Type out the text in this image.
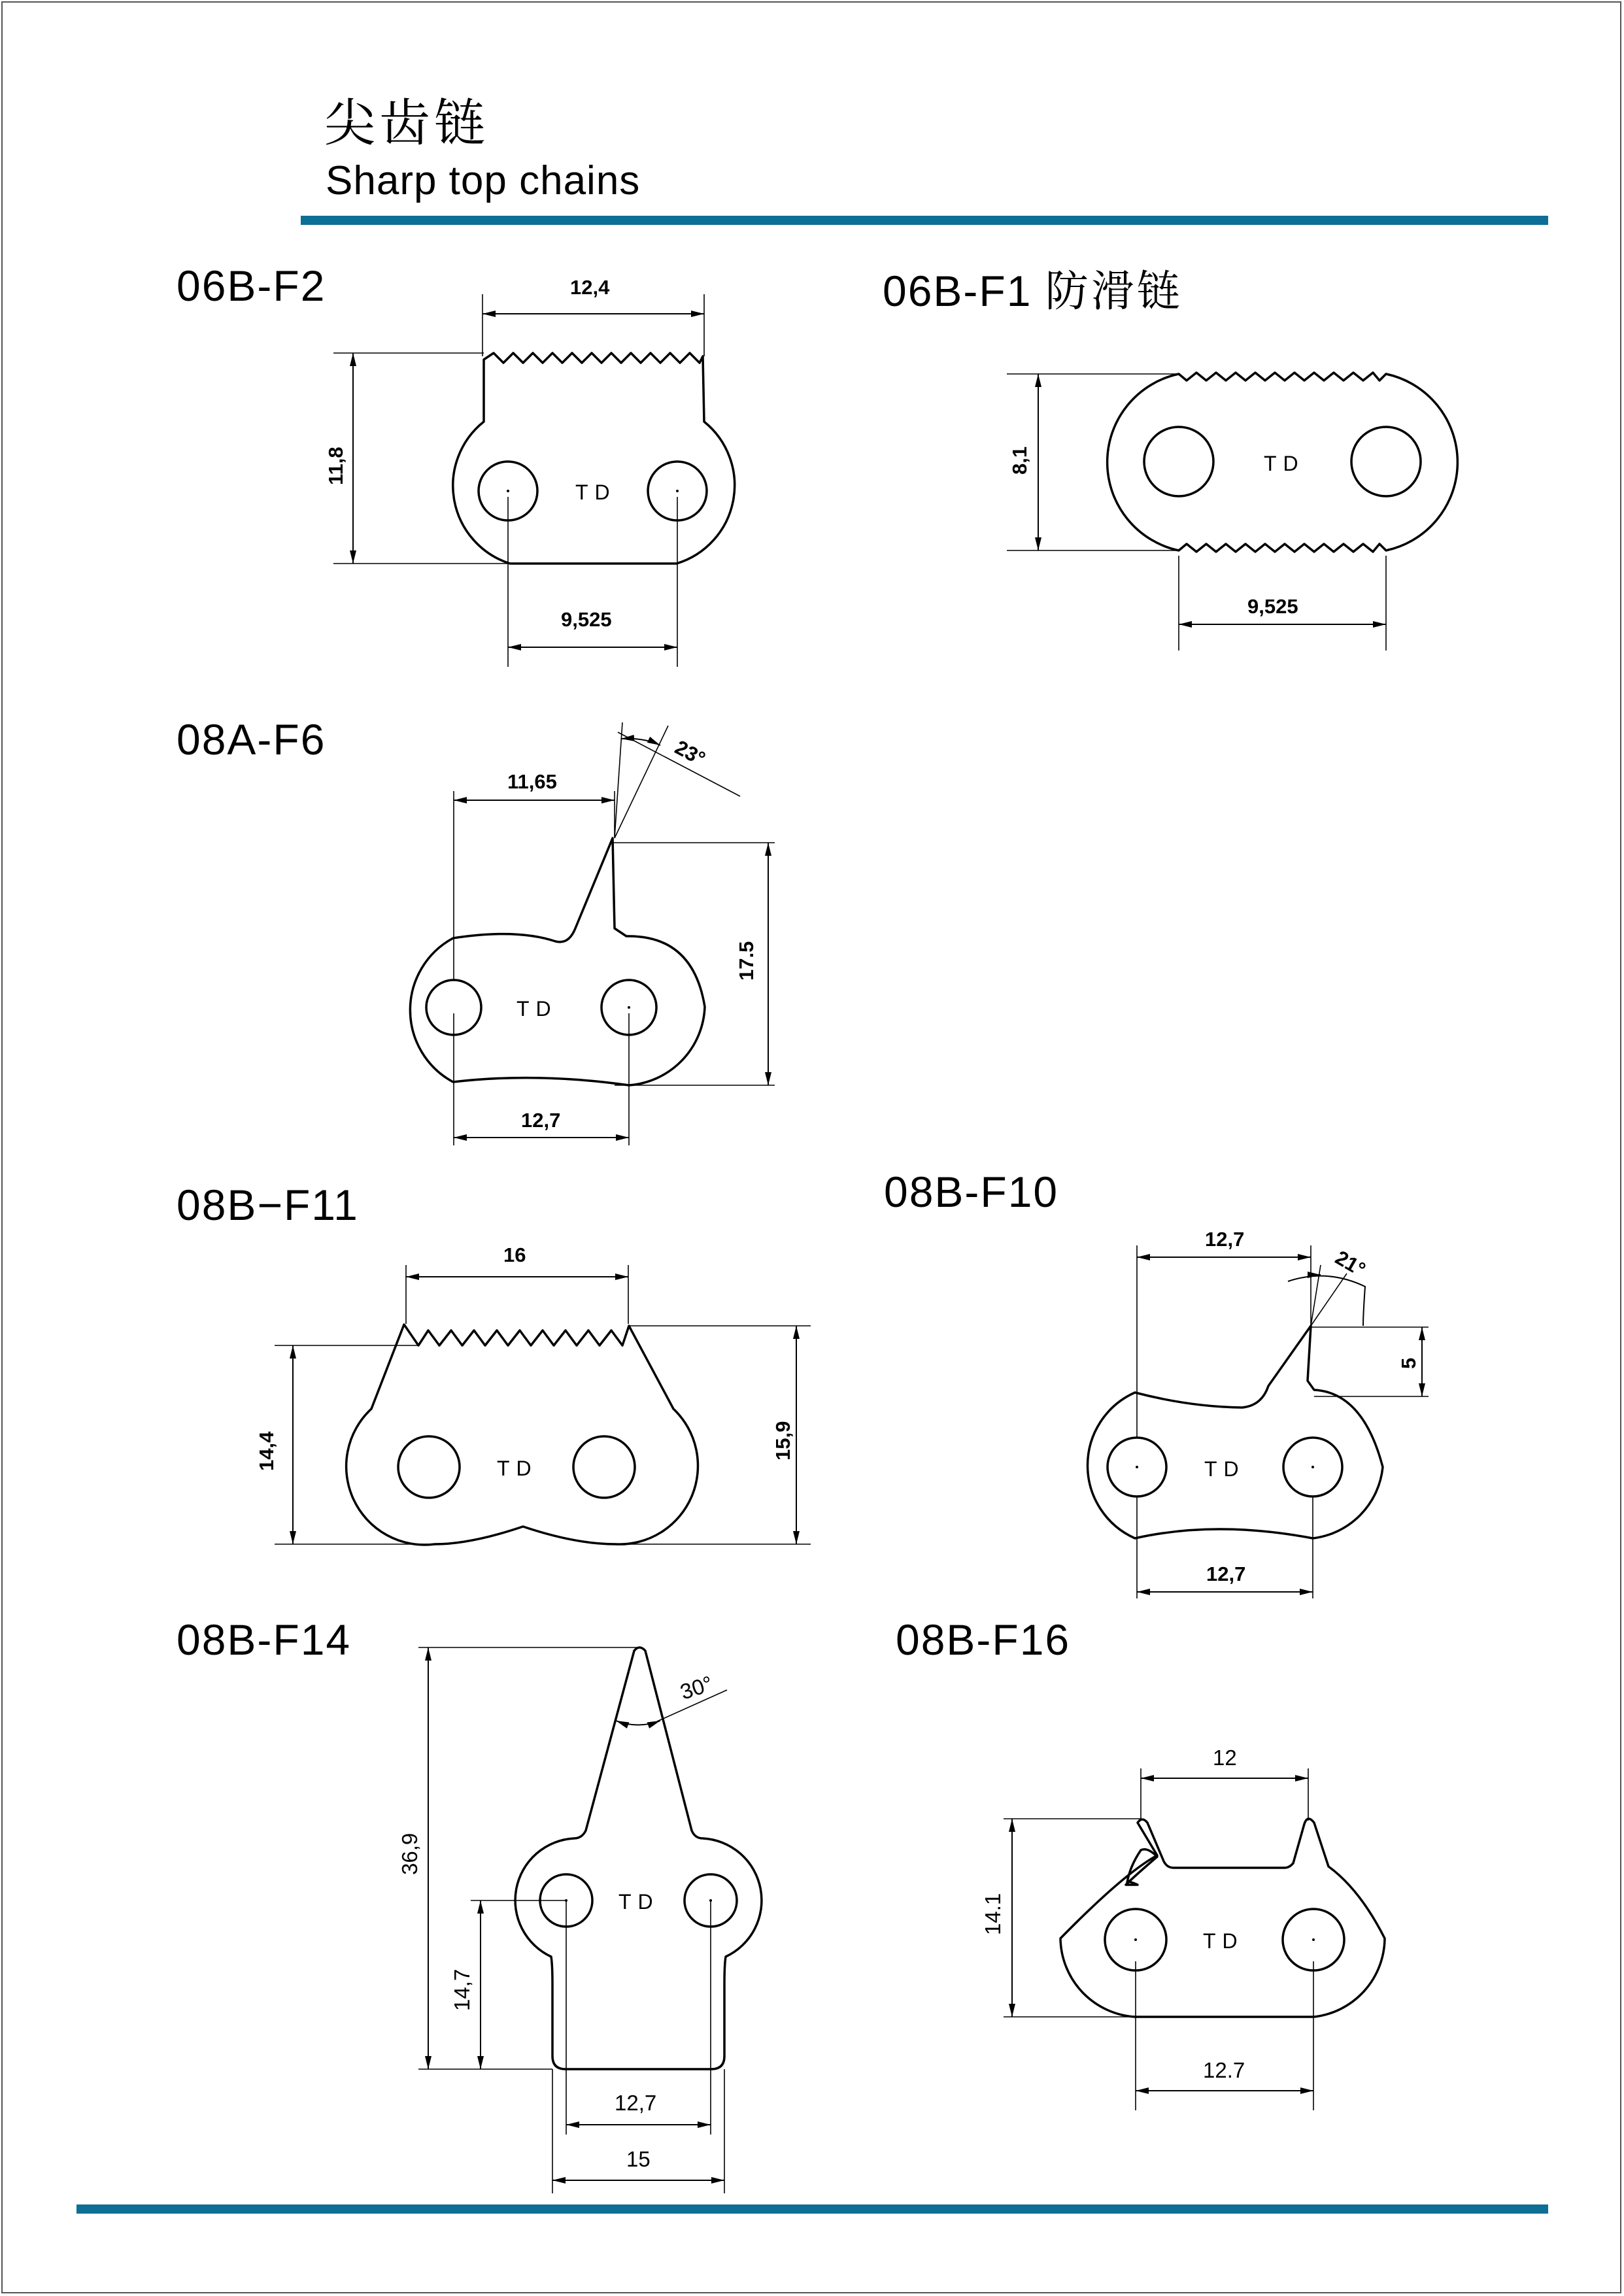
尖齿链
Sharp top chains
06B-F2	06B-F1 防滑链
08A-F6
08B−F11	08B-F10
08B-F14	08B-F16
TD
12,4
11,8
9,525
TD
8,1
9,525
TD
11,65
23°
17.5
12,7
TD
16
14,4	15,9
TD
12,7
21°
5
12,7
TD
30°
36,9
14,7
12,7
15
TD
12
14.1
12.7
